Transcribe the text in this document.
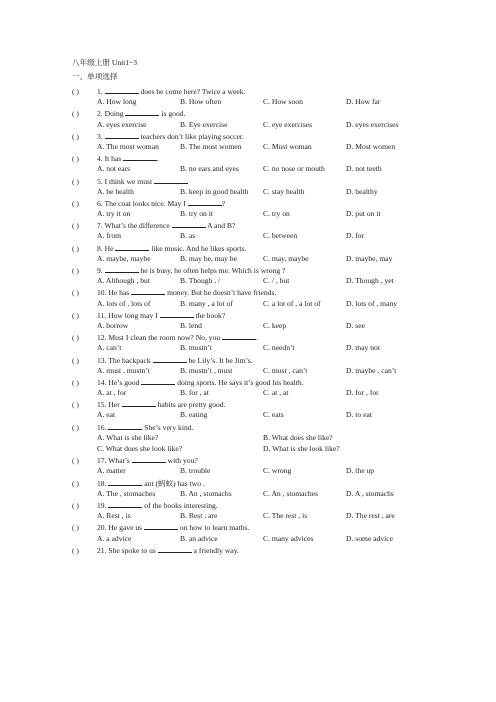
八年级上册 Unit1~3
一、单项选择
( ) 1.	does he come here? Twice a week.
A. How long	B. How often	C. How soon	D. How far
( ) 2. Doing	is good.
A. eyes exercise	B. Eye exercise	C. eye exercises	D. eyes exercises
( ) 3.	teachers don’t like playing soccer.
A. The most woman	B. The most women	C. Most woman	D. Most women
( ) 4. It has	.
A. not ears	B. no ears and eyes	C. no nose or mouth	D. not teeth
( ) 5. I think we must
A. be health	B. keep in good health	C. stay health	D. healthy
( ) 6. The coat looks nice. May I	?
A. try it on	B. try on it	C. try on	D. put on it
( ) 7. What’s the difference	A and B?
A. from	B. as	C. between	D. for
( ) 8. He	like music. And he likes sports.
A. maybe, maybe	B. may be, may be	C. may, maybe	D. maybe, may
( ) 9.	he is busy, he often helps me. Which is wrong ?
A. Although , but	B. Though , /	C. / , but	D. Though , yet
( ) 10. He has	money. But he doesn’t have friends.
A. lots of , lots of	B. many , a lot of	C. a lot of , a lot of	D. lots of , many
( ) 11. How long may I	the book?
A. borrow	B. lend	C. keep	D. see
( ) 12. Must I clean the room now? No, you	.
A. can’t	B. mustn’t	C. needn’t	D. may not
( ) 13. The backpack	be Lily’s. It be Jim’s.
A. must , mustn’t	B. mustn’t , must	C. must , can’t	D. maybe , can’t
( ) 14. He’s good	doing sports. He says it’s good his health.
A. at , for	B. for , at	C. at , at	D. for , for
( ) 15. Her	habits are pretty good.
A. eat	B. eating	C. eats	D. to eat
( ) 16.	She’s very kind.
A. What is she like?	B. What does she like?
C. What does she look like?	D. What is she look like?
( ) 17. What’s	with you?
A. matter	B. trouble	C. wrong	D. the up
( ) 18.	ant (蚂蚁) has two .
A. The , stomaches	B. An , stomachs	C. An , stomaches	D. A , stomachs
( ) 19.	of the books interesting.
A. Rest , is	B. Rest , are	C. The rest , is	D. The rest , are
( ) 20. He gave us	on how to learn maths.
A. a advice	B. an advice	C. many advices	D. some advice
( ) 21. She spoke to us	a friendly way.
